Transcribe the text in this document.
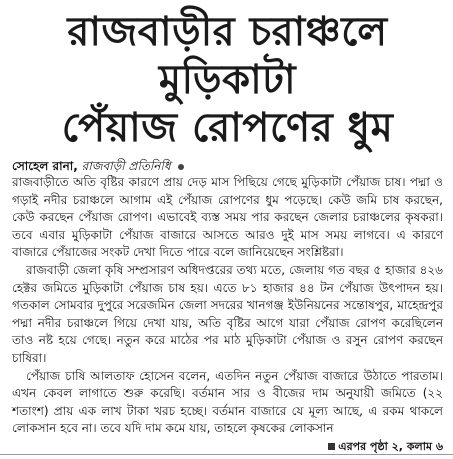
রাজবাড়ীর চরাঞ্চলে মুড়িকাটা
পেঁয়াজ রোপণের ধুম
সোহেল রানা, রাজবাড়ী প্রতিনিধি

রাজবাড়ীতে অতি বৃষ্টির কারণে প্রায় দেড় মাস পিছিয়ে গেছে মুড়িকাটা পেঁয়াজ চাষ। পদ্মা ও গড়াই নদীর চরাঞ্চলে আগাম এই পেঁয়াজ রোপণের ধুম পড়েছে। কেউ জমি চাষ করছেন, কেউ করছেন পেঁয়াজ রোপণ। এভাবেই ব্যস্ত সময় পার করছেন জেলার চরাঞ্চলের কৃষকরা। তবে এবার মুড়িকাটা পেঁয়াজ বাজারে আসতে আরও দুই মাস সময় লাগবে। এ কারণে বাজারে পেঁয়াজের সংকট দেখা দিতে পারে বলে জানিয়েছেন সংশ্লিষ্টরা।

রাজবাড়ী জেলা কৃষি সম্প্রসারণ অধিদপ্তরের তথ্য মতে, জেলায় গত বছর ৫ হাজার ৪২৬ হেক্টর জমিতে মুড়িকাটা পেঁয়াজ চাষ হয়। এতে ৮১ হাজার ৪৪ টন পেঁয়াজ উৎপাদন হয়। গতকাল সোমবার দুপুরে সরেজমিন জেলা সদরের খানগঞ্জ ইউনিয়নের সন্তোষপুর, মাহেন্দ্রপুর পদ্মা নদীর চরাঞ্চলে গিয়ে দেখা যায়, অতি বৃষ্টির আগে যারা পেঁয়াজ রোপণ করেছিলেন তাও নষ্ট হয়ে গেছে। নতুন করে মাঠের পর মাঠ মুড়িকাটা পেঁয়াজ ও রসুন রোপণ করছেন চাষিরা।

পেঁয়াজ চাষি আলতাফ হোসেন বলেন, এতদিন নতুন পেঁয়াজ বাজারে উঠাতে পারতাম। এখন কেবল লাগাতে শুরু করেছি। বর্তমান সার ও বীজের দাম অনুযায়ী জমিতে (২২ শতাংশ) প্রায় এক লাখ টাকা খরচ হচ্ছে। বর্তমান বাজারে যে মূল্য আছে, এ রকম থাকলে লোকসান হবে না। তবে যদি দাম কমে যায়, তাহলে কৃষকের লোকসান
এরপর পৃষ্ঠা ২, কলাম ৬
